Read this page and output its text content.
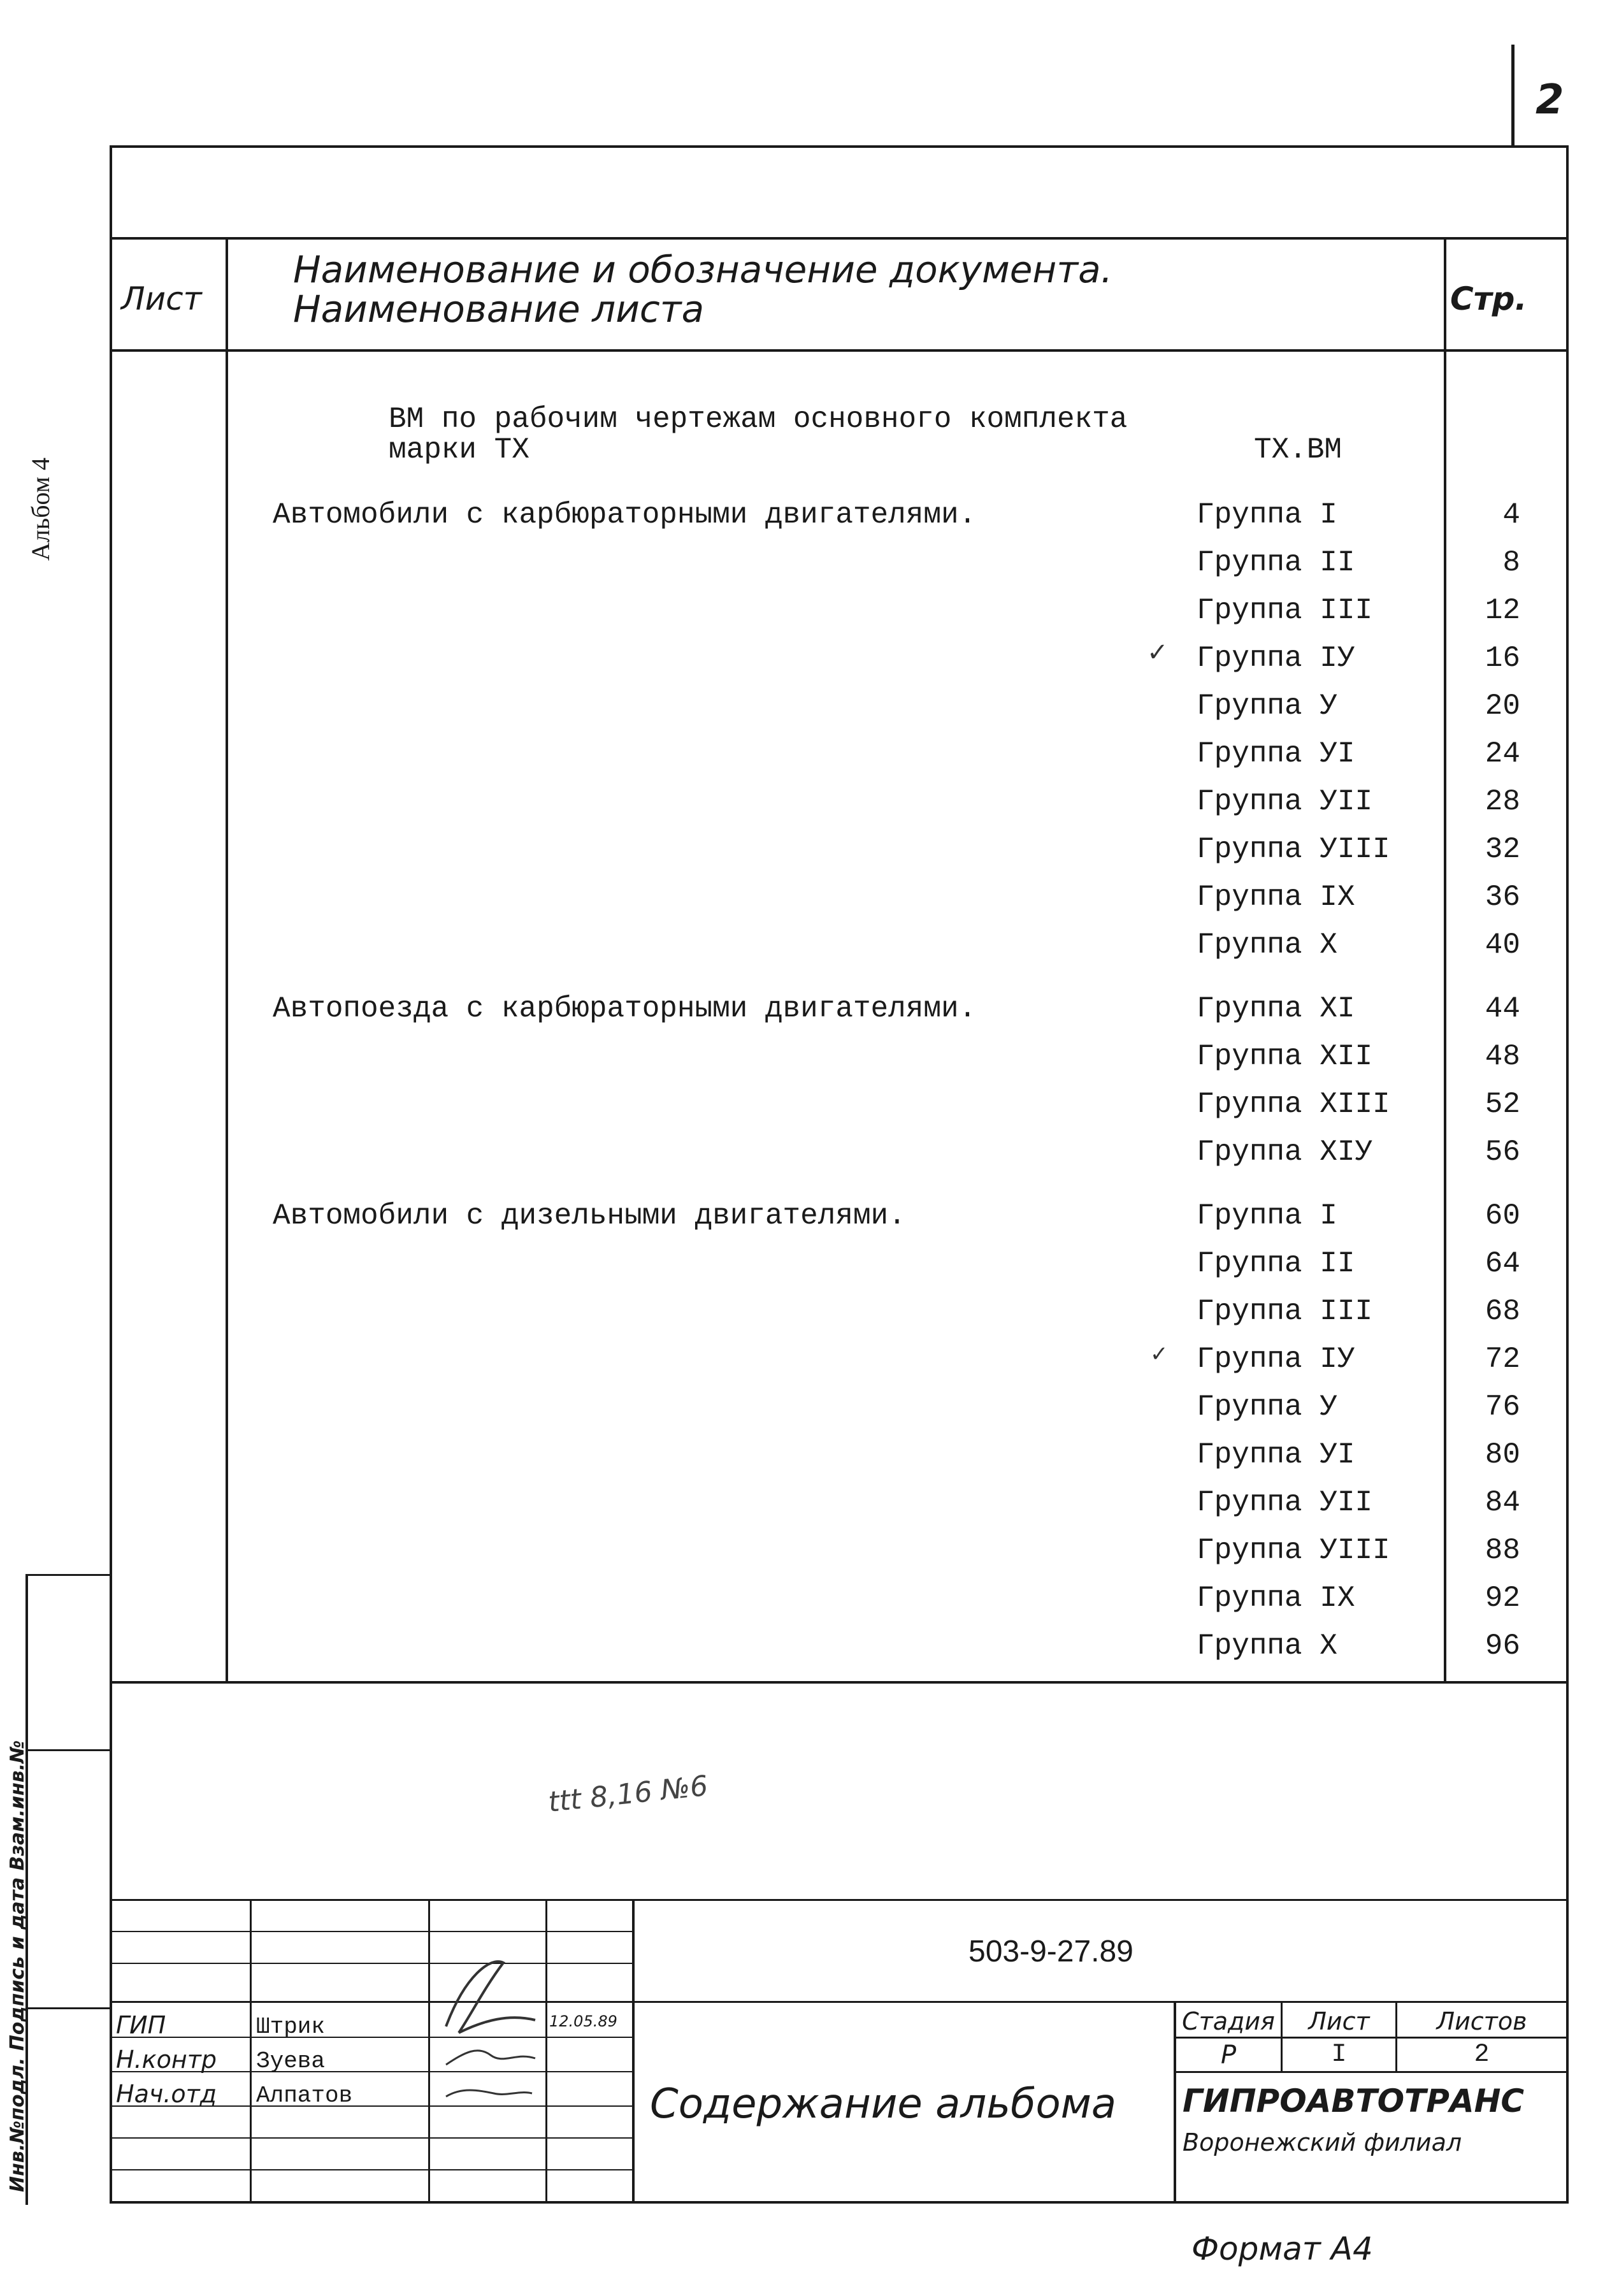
2
Альбом 4
Инв.№подл. Подпись и дата Взам.инв.№
Лист
Наименование и обозначение документа.
Наименование листа	Стр.
ВМ по рабочим чертежам основного комплекта
марки ТХ	ТХ.ВМ
Автомобили с карбюраторными двигателями.	Группа I	4
Группа II	8
Группа III	12
Группа IУ	16
Группа У	20
Группа УI	24
Группа УII	28
Группа УIII	32
Группа IХ	36
Группа Х	40
Автопоезда с карбюраторными двигателями.	Группа ХI	44
Группа ХII	48
Группа ХIII	52
Группа ХIУ	56
Автомобили с дизельными двигателями.	Группа I	60
Группа II	64
Группа III	68
Группа IУ	72
Группа У	76
Группа УI	80
Группа УII	84
Группа УIII	88
Группа IХ	92
Группа Х	96
✓
✓
ttt 8,16 №6
ГИП	Штрик	12.05.89
Н.контр Зуева
Нач.отд Алпатов
503-9-27.89
Содержание альбома
Стадия	Лист	Листов
Р	I	2
ГИПРОАВТОТРАНС
Воронежский филиал
Формат А4
